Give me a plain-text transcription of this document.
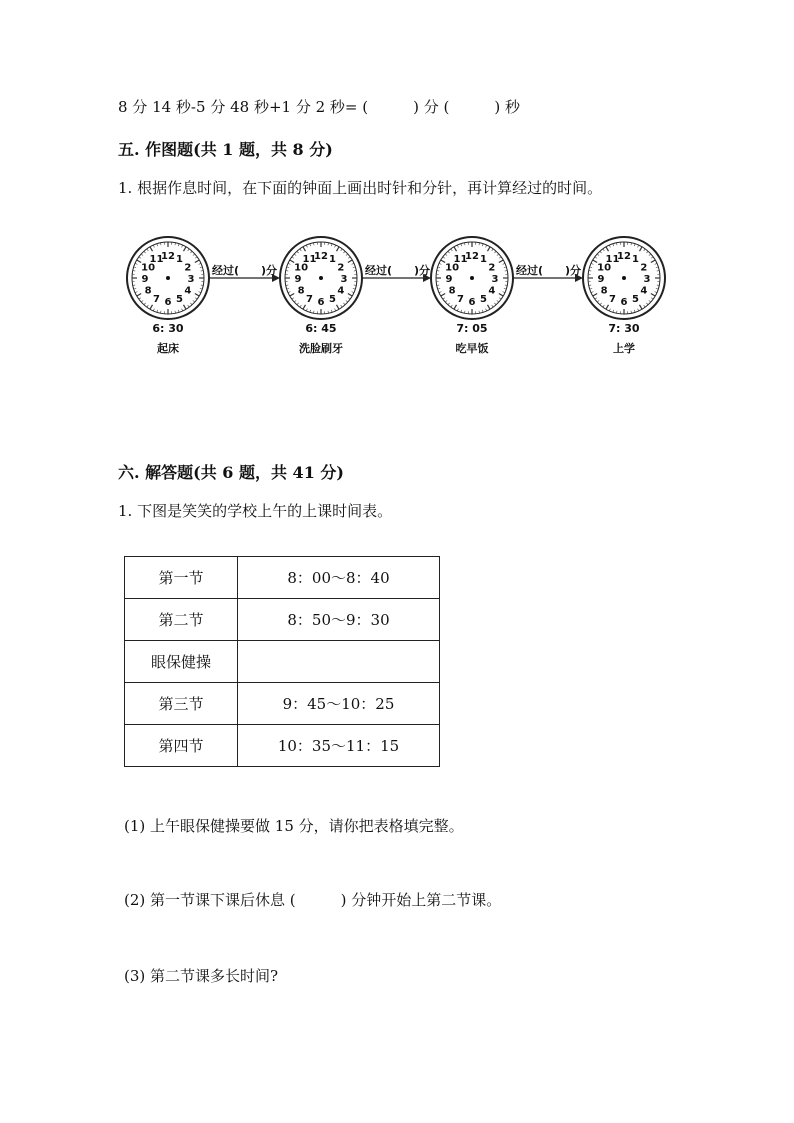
8 分 14 秒-5 分 48 秒+1 分 2 秒= (　　　) 分 (　　　) 秒
五. 作图题(共 1 题，共 8 分)
1. 根据作息时间，在下面的钟面上画出时针和分针，再计算经过的时间。
12 1
2
3
4
5
6
7
8
9
10
11	12 1
2
3
4
5
6
7
8
9
10
11	12 1
2
3
4
5
6
7
8
9
10
11	12 1
2
3
4
5
6
7
8
9
10
11
经过(　　)分	经过(　　)分	经过(　　)分
6: 30
起床
6: 45
洗脸刷牙
7: 05
吃早饭
7: 30
上学
六. 解答题(共 6 题，共 41 分)
1. 下图是笑笑的学校上午的上课时间表。
第一节	8：00～8：40
第二节	8：50～9：30
眼保健操	
第三节	9：45～10：25
第四节	10：35～11：15
(1) 上午眼保健操要做 15 分，请你把表格填完整。
(2) 第一节课下课后休息 (　　　) 分钟开始上第二节课。
(3) 第二节课多长时间?
